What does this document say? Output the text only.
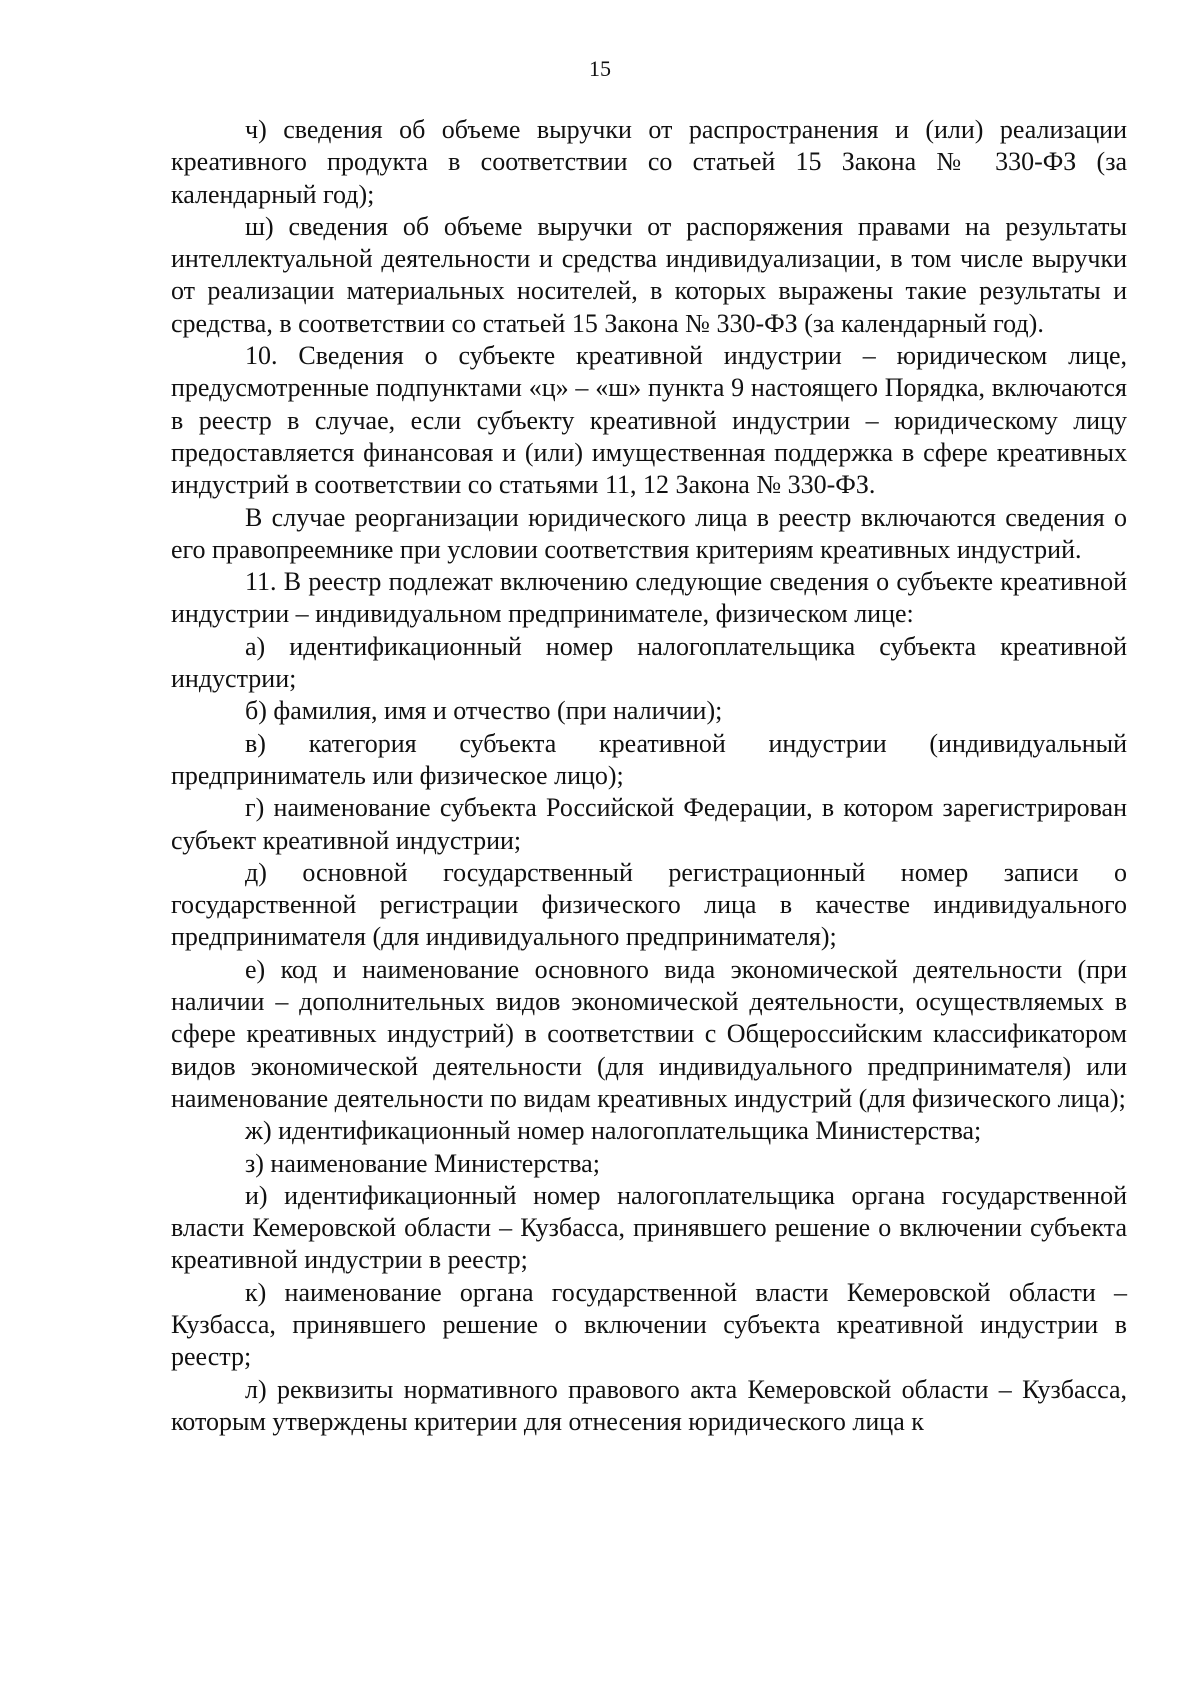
15

ч) сведения об объеме выручки от распространения и (или) реализации креативного продукта в соответствии со статьей 15 Закона № 330-ФЗ (за календарный год);

ш) сведения об объеме выручки от распоряжения правами на результаты интеллектуальной деятельности и средства индивидуализации, в том числе выручки от реализации материальных носителей, в которых выражены такие результаты и средства, в соответствии со статьей 15 Закона № 330-ФЗ (за календарный год).

10. Сведения о субъекте креативной индустрии – юридическом лице, предусмотренные подпунктами «ц» – «ш» пункта 9 настоящего Порядка, включаются в реестр в случае, если субъекту креативной индустрии – юридическому лицу предоставляется финансовая и (или) имущественная поддержка в сфере креативных индустрий в соответствии со статьями 11, 12 Закона № 330-ФЗ.

В случае реорганизации юридического лица в реестр включаются сведения о его правопреемнике при условии соответствия критериям креативных индустрий.

11. В реестр подлежат включению следующие сведения о субъекте креативной индустрии – индивидуальном предпринимателе, физическом лице:

а) идентификационный номер налогоплательщика субъекта креативной индустрии;

б) фамилия, имя и отчество (при наличии);

в) категория субъекта креативной индустрии (индивидуальный предприниматель или физическое лицо);

г) наименование субъекта Российской Федерации, в котором зарегистрирован субъект креативной индустрии;

д) основной государственный регистрационный номер записи о государственной регистрации физического лица в качестве индивидуального предпринимателя (для индивидуального предпринимателя);

е) код и наименование основного вида экономической деятельности (при наличии – дополнительных видов экономической деятельности, осуществляемых в сфере креативных индустрий) в соответствии с Общероссийским классификатором видов экономической деятельности (для индивидуального предпринимателя) или наименование деятельности по видам креативных индустрий (для физического лица);

ж) идентификационный номер налогоплательщика Министерства;

з) наименование Министерства;

и) идентификационный номер налогоплательщика органа государственной власти Кемеровской области – Кузбасса, принявшего решение о включении субъекта креативной индустрии в реестр;

к) наименование органа государственной власти Кемеровской области – Кузбасса, принявшего решение о включении субъекта креативной индустрии в реестр;

л) реквизиты нормативного правового акта Кемеровской области – Кузбасса, которым утверждены критерии для отнесения юридического лица к
